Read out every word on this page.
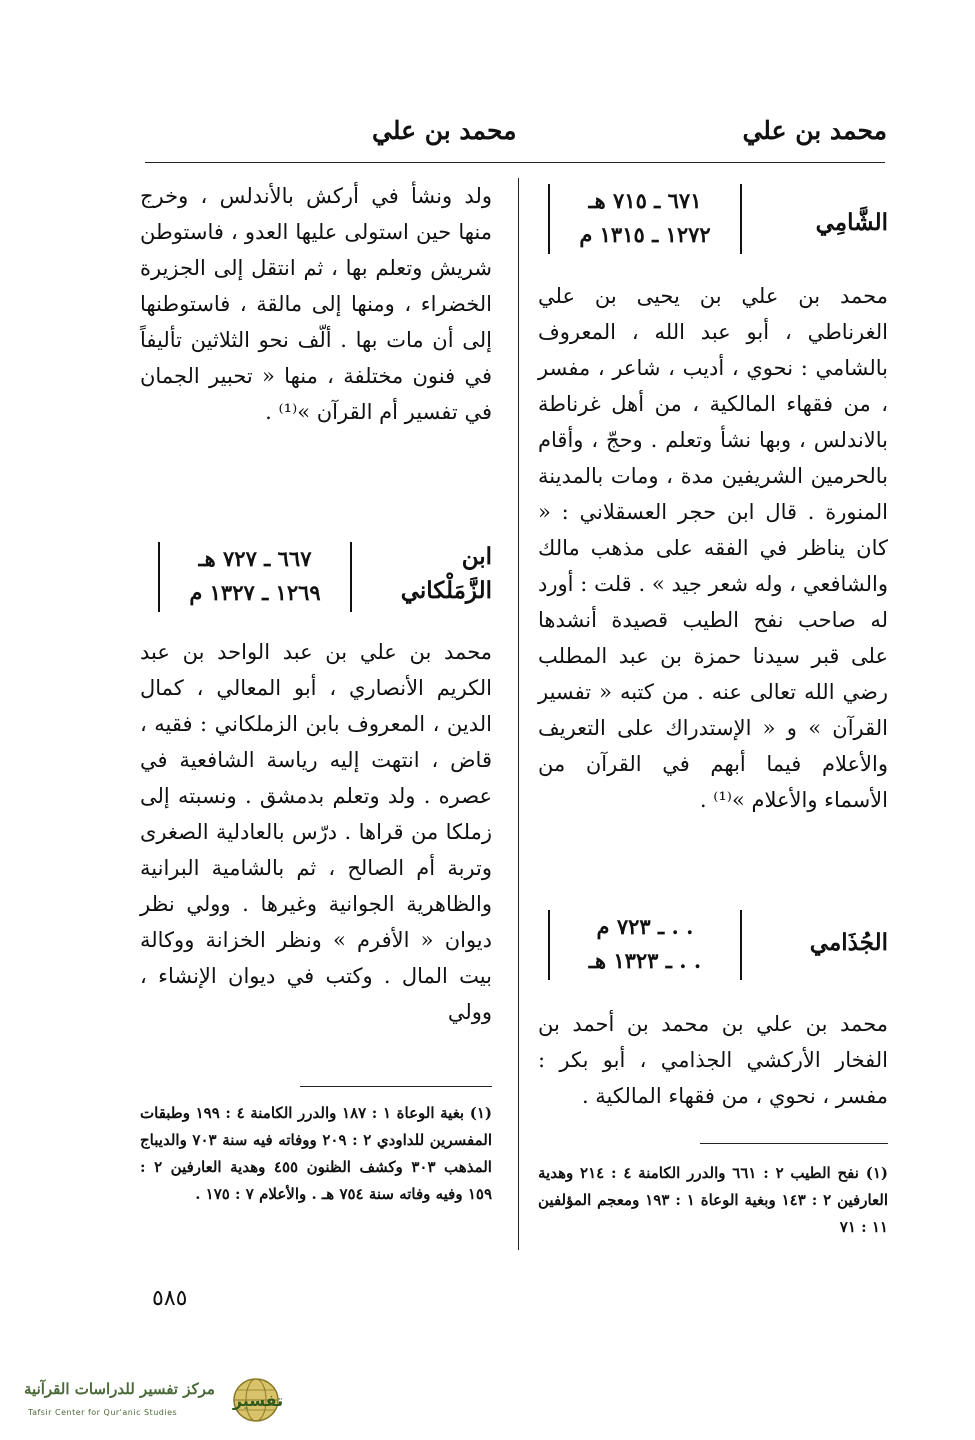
محمد بن علي
محمد بن علي
الشَّامِي
٦٧١ ـ ٧١٥ هـ
١٢٧٢ ـ ١٣١٥ م

محمد بن علي بن يحيى بن علي الغرناطي ، أبو عبد الله ، المعروف بالشامي : نحوي ، أديب ، شاعر ، مفسر ، من فقهاء المالكية ، من أهل غرناطة بالاندلس ، وبها نشأ وتعلم . وحجّ ، وأقام بالحرمين الشريفين مدة ، ومات بالمدينة المنورة . قال ابن حجر العسقلاني : « كان يناظر في الفقه على مذهب مالك والشافعي ، وله شعر جيد » . قلت : أورد له صاحب نفح الطيب قصيدة أنشدها على قبر سيدنا حمزة بن عبد المطلب رضي الله تعالى عنه . من كتبه « تفسير القرآن » و « الإستدراك على التعريف والأعلام فيما أبهم في القرآن من الأسماء والأعلام »⁽¹⁾ .

الجُذَامي
. . ـ ٧٢٣ م
. . ـ ١٣٢٣ هـ

محمد بن علي بن محمد بن أحمد بن الفخار الأركشي الجذامي ، أبو بكر : مفسر ، نحوي ، من فقهاء المالكية .

(١) نفح الطيب ٢ : ٦٦١ والدرر الكامنة ٤ : ٢١٤ وهدية العارفين ٢ : ١٤٣ وبغية الوعاة ١ : ١٩٣ ومعجم المؤلفين ١١ : ٧١

ولد ونشأ في أركش بالأندلس ، وخرج منها حين استولى عليها العدو ، فاستوطن شريش وتعلم بها ، ثم انتقل إلى الجزيرة الخضراء ، ومنها إلى مالقة ، فاستوطنها إلى أن مات بها . ألّف نحو الثلاثين تأليفاً في فنون مختلفة ، منها « تحبير الجمان في تفسير أم القرآن »⁽¹⁾ .

ابن
الزَّمَلْكاني
٦٦٧ ـ ٧٢٧ هـ
١٢٦٩ ـ ١٣٢٧ م

محمد بن علي بن عبد الواحد بن عبد الكريم الأنصاري ، أبو المعالي ، كمال الدين ، المعروف بابن الزملكاني : فقيه ، قاض ، انتهت إليه رياسة الشافعية في عصره . ولد وتعلم بدمشق . ونسبته إلى زملكا من قراها . درّس بالعادلية الصغرى وتربة أم الصالح ، ثم بالشامية البرانية والظاهرية الجوانية وغيرها . وولي نظر ديوان « الأفرم » ونظر الخزانة ووكالة بيت المال . وكتب في ديوان الإنشاء ، وولي

(١) بغية الوعاة ١ : ١٨٧ والدرر الكامنة ٤ : ١٩٩ وطبقات المفسرين للداودي ٢ : ٢٠٩ ووفاته فيه سنة ٧٠٣ والديباج المذهب ٣٠٣ وكشف الظنون ٤٥٥ وهدية العارفين ٢ : ١٥٩ وفيه وفاته سنة ٧٥٤ هـ . والأعلام ٧ : ١٧٥ .
٥٨٥
تفسير
مركز تفسير للدراسات القرآنية
Tafsir Center for Qur'anic Studies
